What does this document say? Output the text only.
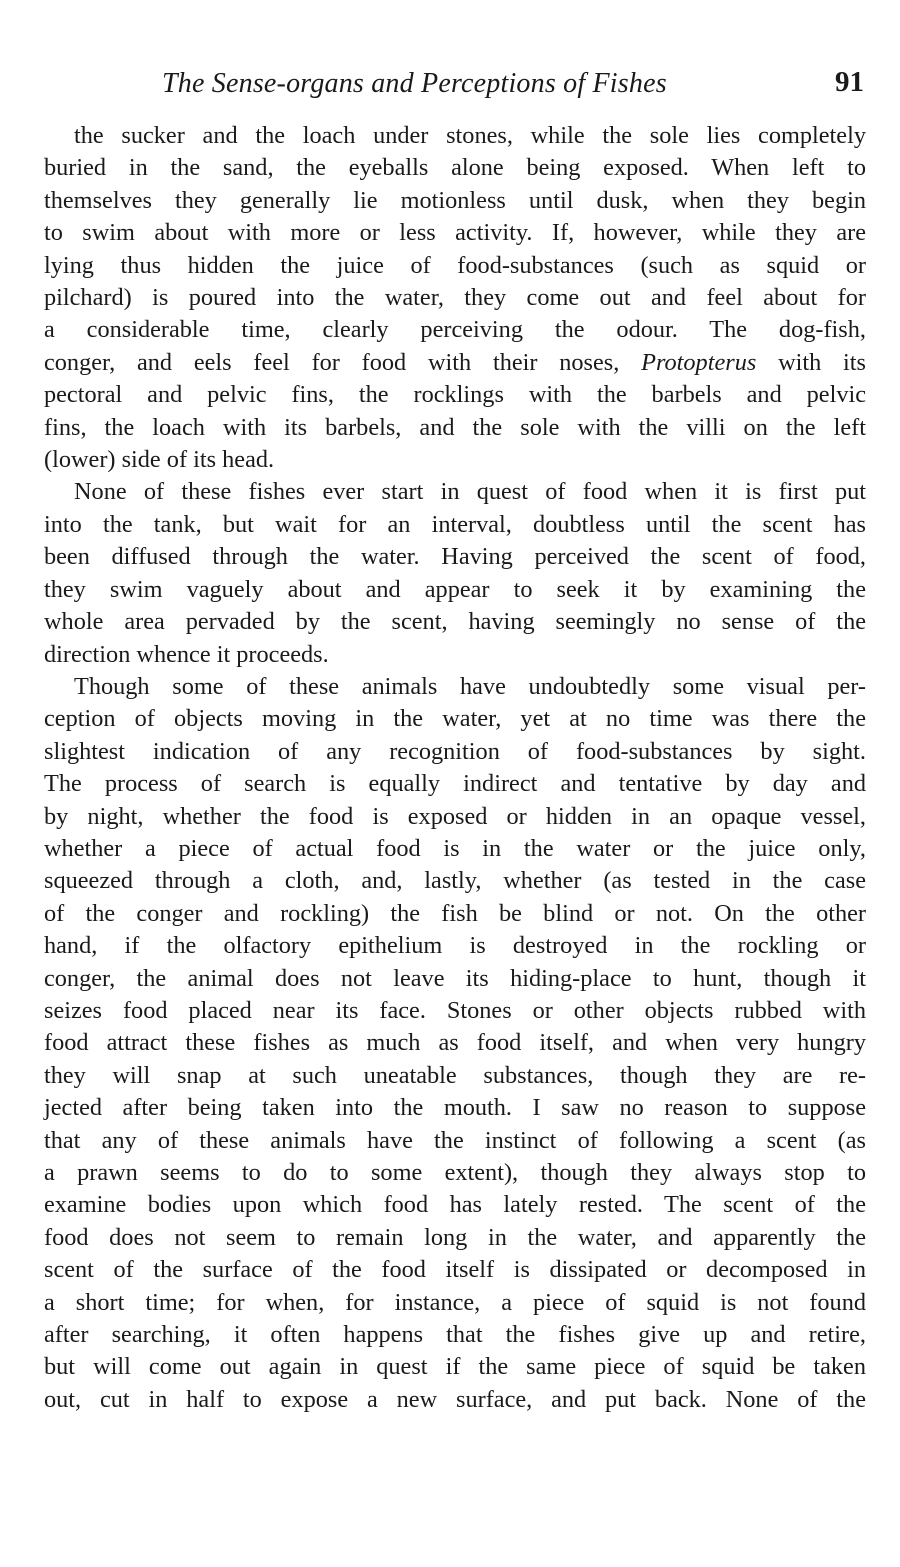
The Sense-organs and Perceptions of Fishes	91

the sucker and the loach under stones, while the sole lies completely
buried in the sand, the eyeballs alone being exposed. When left to
themselves they generally lie motionless until dusk, when they begin
to swim about with more or less activity. If, however, while they are
lying thus hidden the juice of food-substances (such as squid or
pilchard) is poured into the water, they come out and feel about for
a considerable time, clearly perceiving the odour. The dog-fish,
conger, and eels feel for food with their noses, Protopterus with its
pectoral and pelvic fins, the rocklings with the barbels and pelvic
fins, the loach with its barbels, and the sole with the villi on the left
(lower) side of its head.

None of these fishes ever start in quest of food when it is first put
into the tank, but wait for an interval, doubtless until the scent has
been diffused through the water. Having perceived the scent of food,
they swim vaguely about and appear to seek it by examining the
whole area pervaded by the scent, having seemingly no sense of the
direction whence it proceeds.

Though some of these animals have undoubtedly some visual per-
ception of objects moving in the water, yet at no time was there the
slightest indication of any recognition of food-substances by sight.
The process of search is equally indirect and tentative by day and
by night, whether the food is exposed or hidden in an opaque vessel,
whether a piece of actual food is in the water or the juice only,
squeezed through a cloth, and, lastly, whether (as tested in the case
of the conger and rockling) the fish be blind or not. On the other
hand, if the olfactory epithelium is destroyed in the rockling or
conger, the animal does not leave its hiding-place to hunt, though it
seizes food placed near its face. Stones or other objects rubbed with
food attract these fishes as much as food itself, and when very hungry
they will snap at such uneatable substances, though they are re-
jected after being taken into the mouth. I saw no reason to suppose
that any of these animals have the instinct of following a scent (as
a prawn seems to do to some extent), though they always stop to
examine bodies upon which food has lately rested. The scent of the
food does not seem to remain long in the water, and apparently the
scent of the surface of the food itself is dissipated or decomposed in
a short time; for when, for instance, a piece of squid is not found
after searching, it often happens that the fishes give up and retire,
but will come out again in quest if the same piece of squid be taken
out, cut in half to expose a new surface, and put back. None of the
